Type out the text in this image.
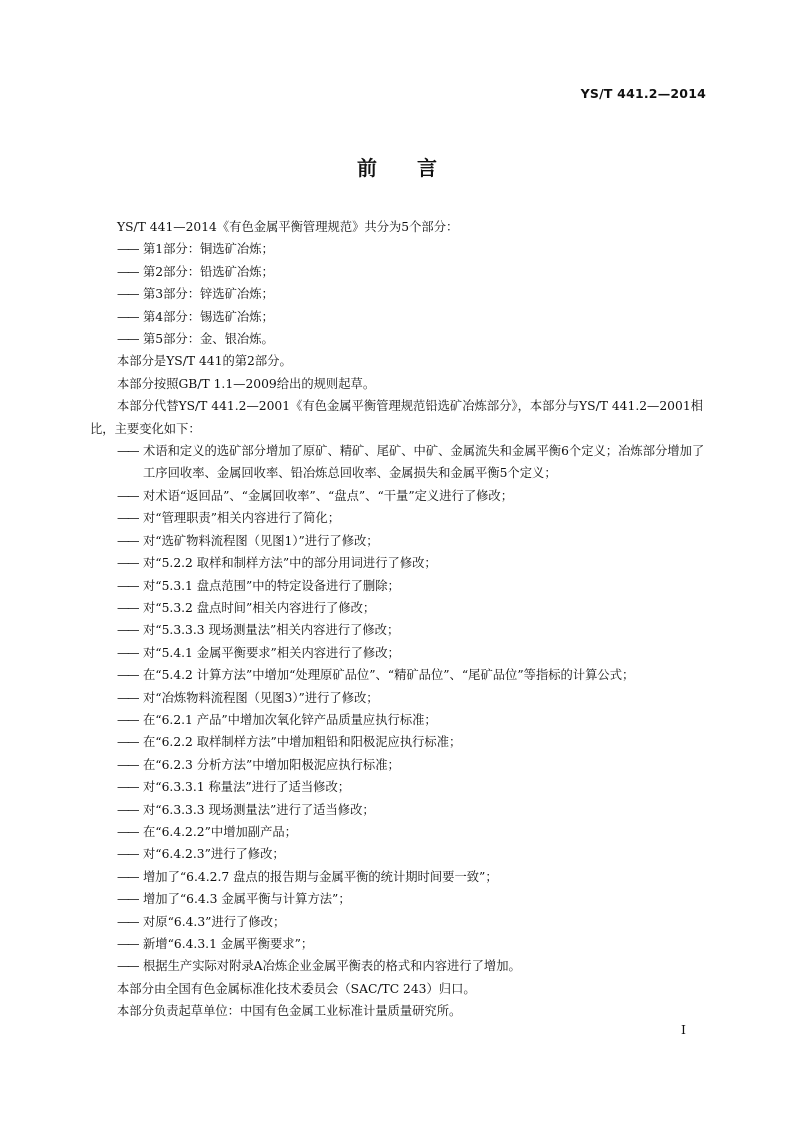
YS/T 441.2—2014
前言

YS/T 441—2014《有色金属平衡管理规范》共分为5个部分：

—— 第1部分：铜选矿冶炼；

—— 第2部分：铅选矿冶炼；

—— 第3部分：锌选矿冶炼；

—— 第4部分：锡选矿冶炼；

—— 第5部分：金、银冶炼。

本部分是YS/T 441的第2部分。

本部分按照GB/T 1.1—2009给出的规则起草。

本部分代替YS/T 441.2—2001《有色金属平衡管理规范铅选矿冶炼部分》，本部分与YS/T 441.2—2001相比，主要变化如下：

—— 术语和定义的选矿部分增加了原矿、精矿、尾矿、中矿、金属流失和金属平衡6个定义；冶炼部分增加了工序回收率、金属回收率、铅冶炼总回收率、金属损失和金属平衡5个定义；

—— 对术语“返回品”、“金属回收率”、“盘点”、“干量”定义进行了修改；

—— 对“管理职责”相关内容进行了简化；

—— 对“选矿物料流程图（见图1）”进行了修改；

—— 对“5.2.2 取样和制样方法”中的部分用词进行了修改；

—— 对“5.3.1 盘点范围”中的特定设备进行了删除；

—— 对“5.3.2 盘点时间”相关内容进行了修改；

—— 对“5.3.3.3 现场测量法”相关内容进行了修改；

—— 对“5.4.1 金属平衡要求”相关内容进行了修改；

—— 在“5.4.2 计算方法”中增加“处理原矿品位”、“精矿品位”、“尾矿品位”等指标的计算公式；

—— 对“冶炼物料流程图（见图3）”进行了修改；

—— 在“6.2.1 产品”中增加次氧化锌产品质量应执行标准；

—— 在“6.2.2 取样制样方法”中增加粗铅和阳极泥应执行标准；

—— 在“6.2.3 分析方法”中增加阳极泥应执行标准；

—— 对“6.3.3.1 称量法”进行了适当修改；

—— 对“6.3.3.3 现场测量法”进行了适当修改；

—— 在“6.4.2.2”中增加副产品；

—— 对“6.4.2.3”进行了修改；

—— 增加了“6.4.2.7 盘点的报告期与金属平衡的统计期时间要一致”；

—— 增加了“6.4.3 金属平衡与计算方法”；

—— 对原“6.4.3”进行了修改；

—— 新增“6.4.3.1 金属平衡要求”；

—— 根据生产实际对附录A冶炼企业金属平衡表的格式和内容进行了增加。

本部分由全国有色金属标准化技术委员会（SAC/TC 243）归口。

本部分负责起草单位：中国有色金属工业标准计量质量研究所。

I
